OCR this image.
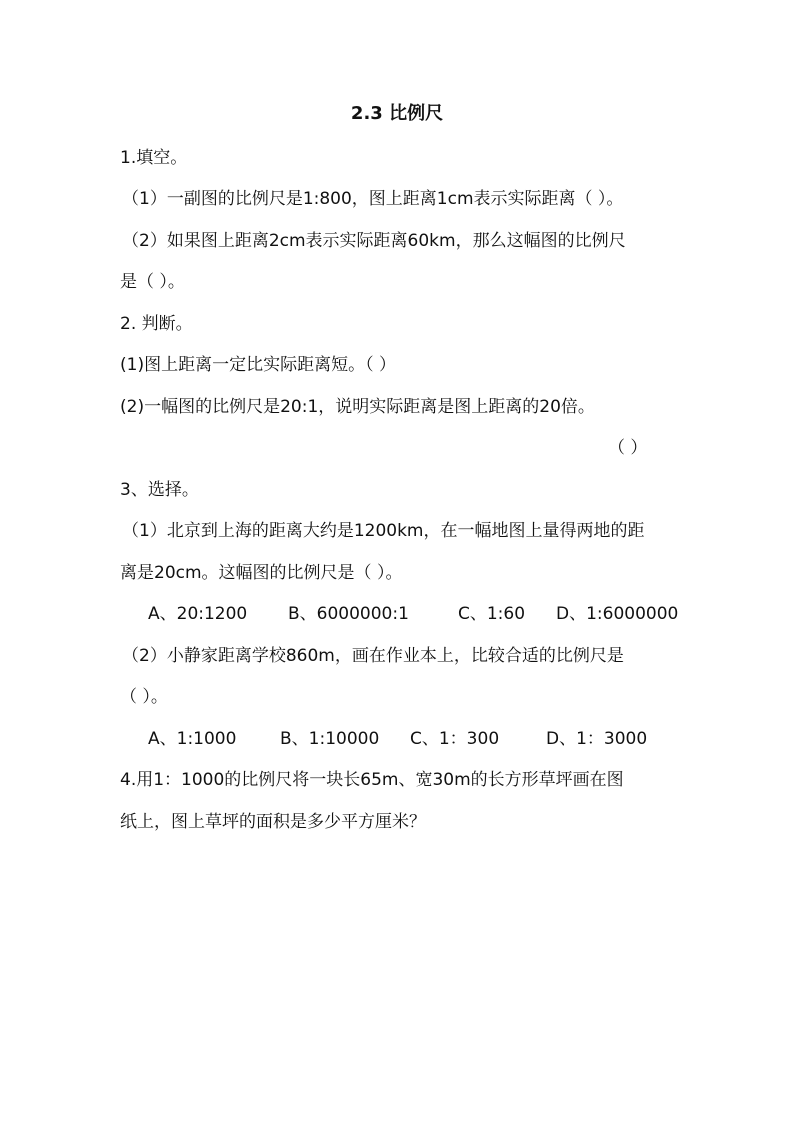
2.3 比例尺
1.填空。
（1）一副图的比例尺是1:800，图上距离1cm表示实际距离（ ）。
（2）如果图上距离2cm表示实际距离60km，那么这幅图的比例尺
是（ ）。
2. 判断。
(1)图上距离一定比实际距离短。（ ）
(2)一幅图的比例尺是20:1，说明实际距离是图上距离的20倍。
（ ）
3、选择。
（1）北京到上海的距离大约是1200km，在一幅地图上量得两地的距
离是20cm。这幅图的比例尺是（ ）。
A、20:1200 B、6000000:1	C、1:60 D、1:6000000
（2）小静家距离学校860m，画在作业本上，比较合适的比例尺是
（ ）。
A、1:1000	B、1:10000 C、1：300	D、1：3000
4.用1：1000的比例尺将一块长65m、宽30m的长方形草坪画在图
纸上，图上草坪的面积是多少平方厘米？
